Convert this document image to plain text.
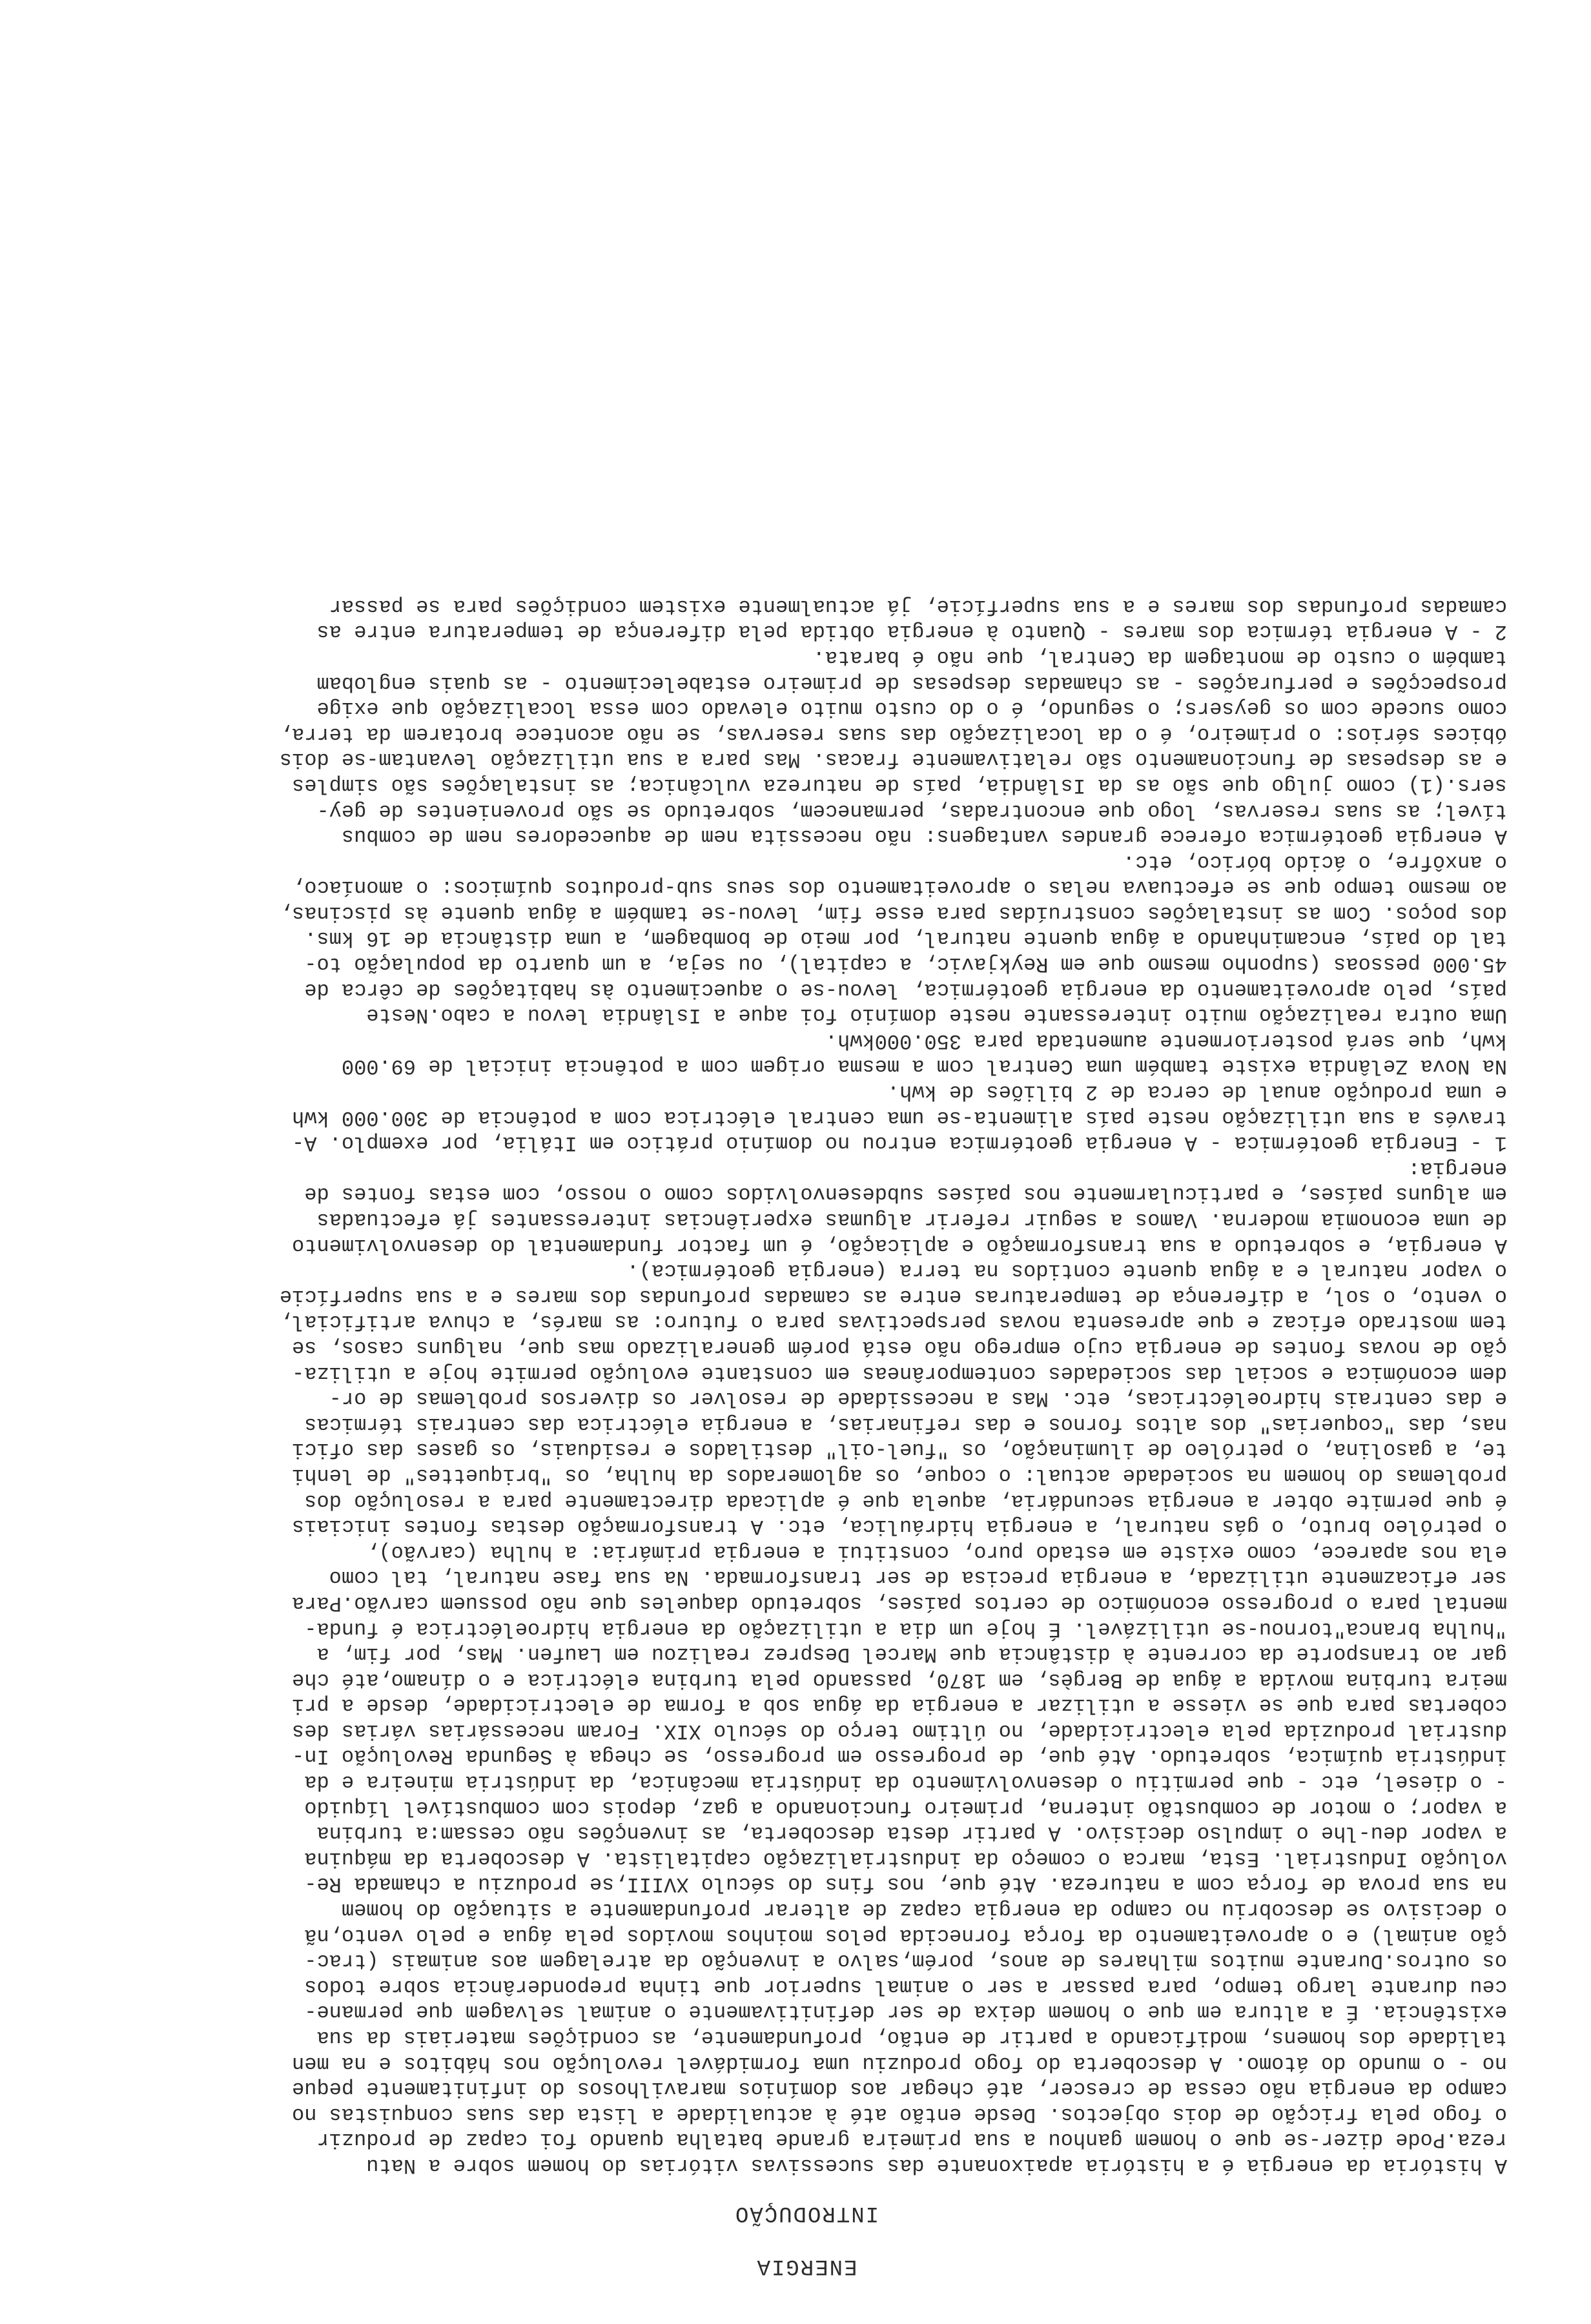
ENERGIA
INTRODUÇÃO
A história da energia é a história apaixonante das sucessivas vitórias do homem sobre a Natu
reza.Pode dizer-se que o homem ganhou a sua primeira grande batalha quando foi capaz de produzir
o fogo pela fricção de dois objectos. Desde então até à actualidade a lista das suas conquistas no
campo da energia não cessa de crescer, até chegar aos domínios maravilhosos do infinitamente peque
no - o mundo do átomo. A descoberta do fogo produziu uma formidável revolução nos hábitos e na men
talidade dos homens, modificando a partir de então, profundamente, as condições materiais da sua
existência. É a altura em que o homem deixa de ser definitivamente o animal selvagem que permane-
ceu durante largo tempo, para passar a ser o animal superior que tinha preponderância sobre todos
os outros.Durante muitos milhares de anos, porém,salvo a invenção da atrelagem aos animais (trac-
ção animal) e o aproveitamento da força fornecida pelos moinhos movidos pela água e pelo vento,nã
o decisivo se descobriu no campo da energia capaz de alterar profundamente a situação do homem
na sua prova de força com a natureza. Até que, nos fins do século XVIII,se produziu a chamada Re-
volução Industrial. Esta, marca o começo da industrialização capitalista. A descoberta da máquina
a vapor deu-lhe o impulso decisivo. A partir desta descoberta, as invenções não cessam:a turbina
a vapor; o motor de combustão interna, primeiro funcionando a gaz, depois com combustível líquido
- o diesel, etc - que permitiu o desenvolvimento da indústria mecânica, da indústria mineira e da
indústria química, sobretudo. Até que, de progresso em progresso, se chega à Segunda Revolução In-
dustrial produzida pela electricidade, no último terço do século XIX. Foram necessárias várias des
cobertas para que se viesse a utilizar a energia da água sob a forma de electricidade, desde a pri
meira turbina movida a água de Bergès, em 1870, passando pela turbina eléctrica e o dínamo,até che
gar ao transporte da corrente à distância que Marcel Desprez realizou em Laufen. Mas, por fim, a
"hulha branca"tornou-se utilizável. É hoje um dia a utilização da energia hidroeléctrica é funda-
mental para o progresso económico de certos países, sobretudo daqueles que não possuem carvão.Para
ser eficazmente utilizada, a energia precisa de ser transformada. Na sua fase natural, tal como
ela nos aparece, como existe em estado puro, constitui a energia primária: a hulha (carvão),
o petróleo bruto, o gás natural, a energia hidráulica, etc. A transformação destas fontes iniciais
é que permite obter a energia secundária, aquela que é aplicada directamente para a resolução dos
problemas do homem na sociedade actual: o coque, os aglomerados da hulha, os "briquettes" de lenhi
te, a gasolina, o petróleo de iluminação, os "fuel-oil" destilados e residuais, os gases das ofici
nas, das "coquerias" dos altos fornos e das refinarias, a energia eléctrica das centrais térmicas
e das centrais hidroeléctricas, etc. Mas a necessidade de resolver os diversos problemas de or-
dem económica e social das sociedades contemporâneas em constante evolução permite hoje a utiliza-
ção de novas fontes de energia cujo emprego não está porém generalizado mas que, nalguns casos, se
tem mostrado eficaz e que apresenta novas perspectivas para o futuro: as marés, a chuva artificial,
o vento, o sol, a diferença de temperaturas entre as camadas profundas dos mares e a sua superfície
o vapor natural e a água quente contidos na terra (energia geotérmica).
A energia, e sobretudo a sua transformação e aplicação, é um factor fundamental do desenvolvimento
de uma economia moderna. Vamos a seguir referir algumas experiências interessantes já efectuadas
em alguns países, e particularmente nos países subdesenvolvidos como o nosso, com estas fontes de
energia:
1 - Energia geotérmica - A energia geotérmica entrou no domínio prático em Itália, por exemplo. A-
través a sua utilização neste país alimenta-se uma central eléctrica com a potência de 300.000 kwh
e uma produção anual de cerca de 2 biliões de kwh.
Na Nova Zelândia existe também uma Central com a mesma origem com a potência inicial de 69.000
kwh, que será posteriormente aumentada para 350.000kwh.
Uma outra realização muito interessante neste domínio foi aque a Islândia levou a cabo.Neste
país, pelo aproveitamento da energia geotérmica, levou-se o aquecimento às habitações de cêrca de
45.000 pessoas (suponho mesmo que em Reykjavic, a capital), ou seja, a um quarto da população to-
tal do país, encaminhando a água quente natural, por meio de bombagem, a uma distância de 16 kms.
dos poços. Com as instalações construídas para esse fim, levou-se também a água quente às piscinas,
ao mesmo tempo que se efectuava nelas o aproveitamento dos seus sub-produtos químicos: o amoníaco,
o anxôfre, o ácido bórico, etc.
A energia geotérmica oferece grandes vantagens: não necessita nem de aquecedores nem de combus
tível; as suas reservas, logo que encontradas, permanecem, sobretudo se são provenientes de gey-
sers.(1) como julgo que são as da Islândia, país de natureza vulcânica; as instalações são simples
e as despesas de funcionamento são relativamente fracas. Mas para a sua utilização levantam-se dois
óbices sérios: o primeiro, é o da localização das suas reservas, se não acontece brotarem da terra,
como sucede com os geysers; o segundo, é o do custo muito elevado com essa localização que exige
prospecções e perfurações - as chamadas despesas de primeiro estabelecimento - as quais englobam
também o custo de montagem da Central, que não é barata.
2 - A energia térmica dos mares - Quanto à energia obtida pela diferença de temperatura entre as
camadas profundas dos mares e a sua superfície, já actualmente existem condições para se passar
